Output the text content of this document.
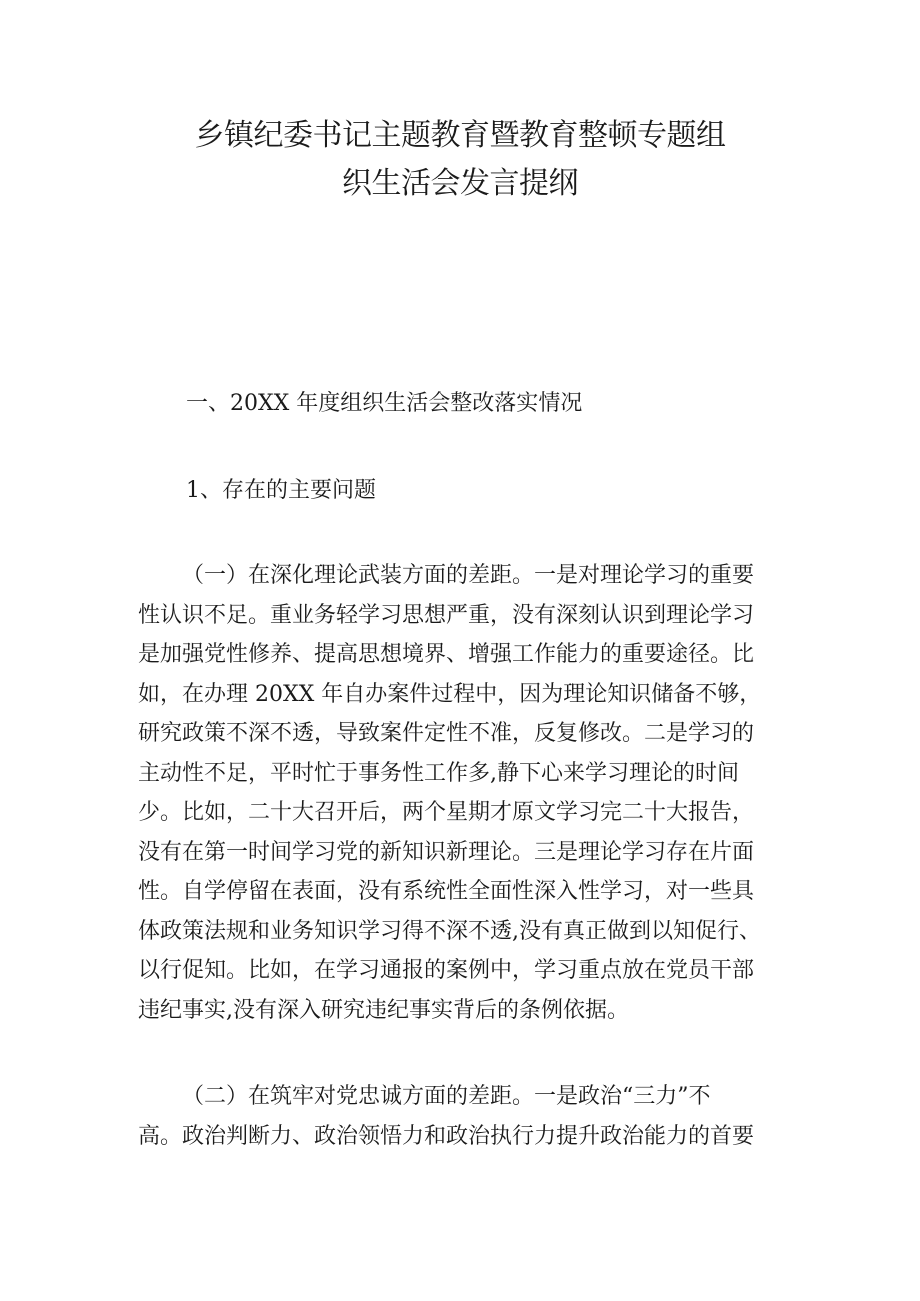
乡镇纪委书记主题教育暨教育整顿专题组
织生活会发言提纲
一、20XX 年度组织生活会整改落实情况
1、存在的主要问题
（一）在深化理论武装方面的差距。一是对理论学习的重要
性认识不足。重业务轻学习思想严重，没有深刻认识到理论学习
是加强党性修养、提高思想境界、增强工作能力的重要途径。比
如，在办理 20XX 年自办案件过程中，因为理论知识储备不够，
研究政策不深不透，导致案件定性不准，反复修改。二是学习的
主动性不足，平时忙于事务性工作多,静下心来学习理论的时间
少。比如，二十大召开后，两个星期才原文学习完二十大报告，
没有在第一时间学习党的新知识新理论。三是理论学习存在片面
性。自学停留在表面，没有系统性全面性深入性学习，对一些具
体政策法规和业务知识学习得不深不透,没有真正做到以知促行、
以行促知。比如，在学习通报的案例中，学习重点放在党员干部
违纪事实,没有深入研究违纪事实背后的条例依据。
（二）在筑牢对党忠诚方面的差距。一是政治“三力”不
高。政治判断力、政治领悟力和政治执行力提升政治能力的首要
